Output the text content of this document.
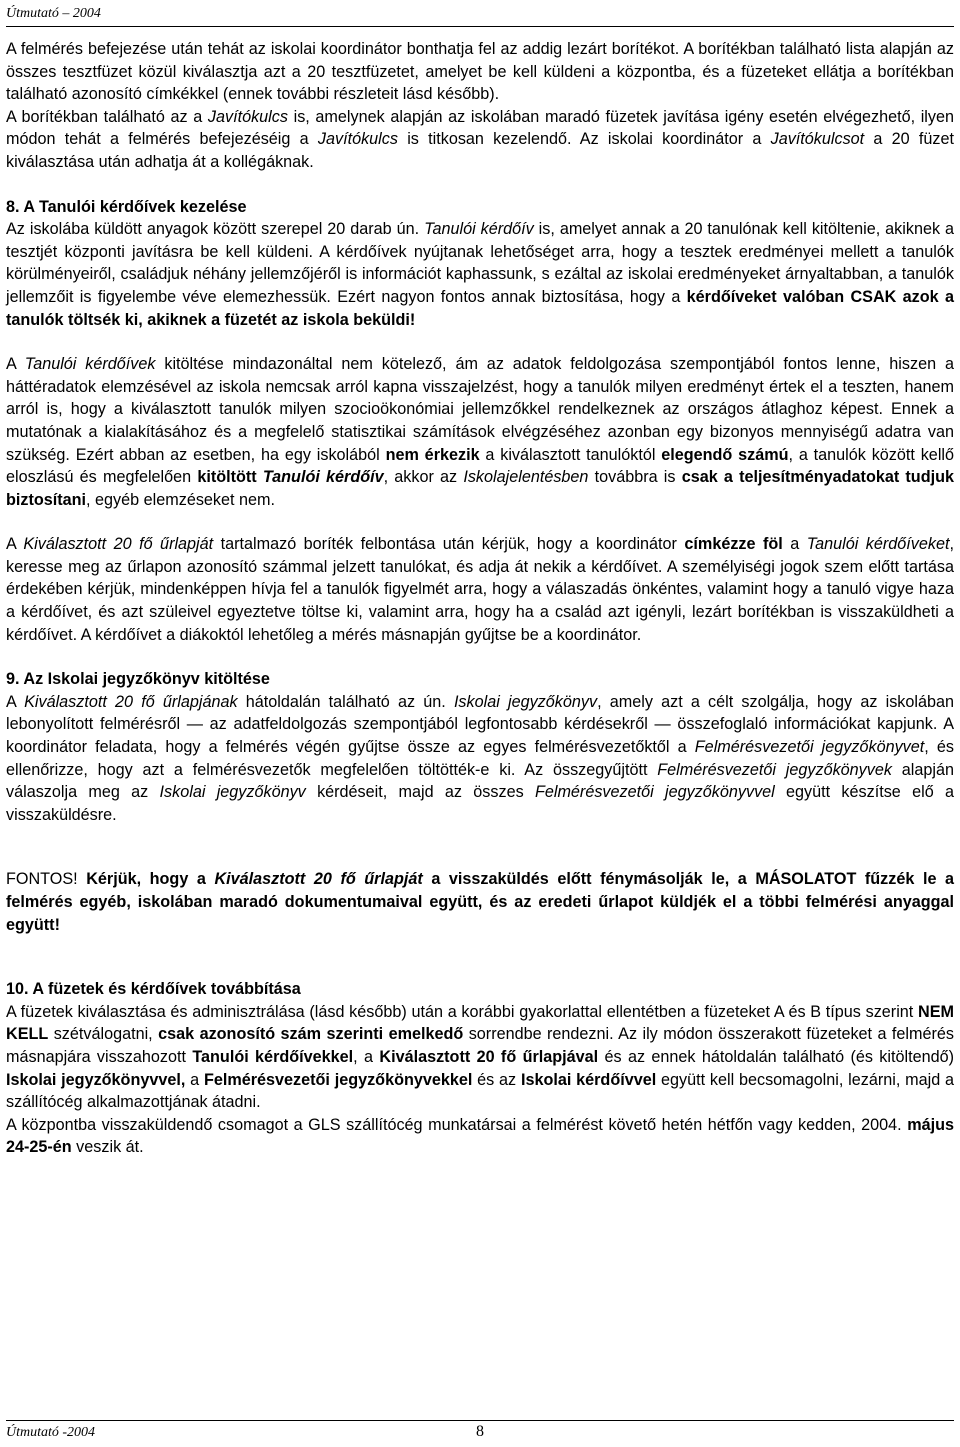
Útmutató – 2004

A felmérés befejezése után tehát az iskolai koordinátor bonthatja fel az addig lezárt borítékot. A borítékban található lista alapján az összes tesztfüzet közül kiválasztja azt a 20 tesztfüzetet, amelyet be kell küldeni a központba, és a füzeteket ellátja a borítékban található azonosító címkékkel (ennek további részleteit lásd később).

A borítékban található az a Javítókulcs is, amelynek alapján az iskolában maradó füzetek javítása igény esetén elvégezhető, ilyen módon tehát a felmérés befejezéséig a Javítókulcs is titkosan kezelendő. Az iskolai koordinátor a Javítókulcsot a 20 füzet kiválasztása után adhatja át a kollégáknak.

8. A Tanulói kérdőívek kezelése

Az iskolába küldött anyagok között szerepel 20 darab ún. Tanulói kérdőív is, amelyet annak a 20 tanulónak kell kitöltenie, akiknek a tesztjét központi javításra be kell küldeni. A kérdőívek nyújtanak lehetőséget arra, hogy a tesztek eredményei mellett a tanulók körülményeiről, családjuk néhány jellemzőjéről is információt kaphassunk, s ezáltal az iskolai eredményeket árnyaltabban, a tanulók jellemzőit is figyelembe véve elemezhessük. Ezért nagyon fontos annak biztosítása, hogy a kérdőíveket valóban CSAK azok a tanulók töltsék ki, akiknek a füzetét az iskola beküldi!

A Tanulói kérdőívek kitöltése mindazonáltal nem kötelező, ám az adatok feldolgozása szempontjából fontos lenne, hiszen a háttéradatok elemzésével az iskola nemcsak arról kapna visszajelzést, hogy a tanulók milyen eredményt értek el a teszten, hanem arról is, hogy a kiválasztott tanulók milyen szocioökonómiai jellemzőkkel rendelkeznek az országos átlaghoz képest. Ennek a mutatónak a kialakításához és a megfelelő statisztikai számítások elvégzéséhez azonban egy bizonyos mennyiségű adatra van szükség. Ezért abban az esetben, ha egy iskolából nem érkezik a kiválasztott tanulóktól elegendő számú, a tanulók között kellő eloszlású és megfelelően kitöltött Tanulói kérdőív, akkor az Iskolajelentésben továbbra is csak a teljesítményadatokat tudjuk biztosítani, egyéb elemzéseket nem.

A Kiválasztott 20 fő űrlapját tartalmazó boríték felbontása után kérjük, hogy a koordinátor címkézze föl a Tanulói kérdőíveket, keresse meg az űrlapon azonosító számmal jelzett tanulókat, és adja át nekik a kérdőívet. A személyiségi jogok szem előtt tartása érdekében kérjük, mindenképpen hívja fel a tanulók figyelmét arra, hogy a válaszadás önkéntes, valamint hogy a tanuló vigye haza a kérdőívet, és azt szüleivel egyeztetve töltse ki, valamint arra, hogy ha a család azt igényli, lezárt borítékban is visszaküldheti a kérdőívet. A kérdőívet a diákoktól lehetőleg a mérés másnapján gyűjtse be a koordinátor.

9. Az Iskolai jegyzőkönyv kitöltése

A Kiválasztott 20 fő űrlapjának hátoldalán található az ún. Iskolai jegyzőkönyv, amely azt a célt szolgálja, hogy az iskolában lebonyolított felmérésről — az adatfeldolgozás szempontjából legfontosabb kérdésekről — összefoglaló információkat kapjunk. A koordinátor feladata, hogy a felmérés végén gyűjtse össze az egyes felmérésvezetőktől a Felmérésvezetői jegyzőkönyvet, és ellenőrizze, hogy azt a felmérésvezetők megfelelően töltötték-e ki. Az összegyűjtött Felmérésvezetői jegyzőkönyvek alapján válaszolja meg az Iskolai jegyzőkönyv kérdéseit, majd az összes Felmérésvezetői jegyzőkönyvvel együtt készítse elő a visszaküldésre.

FONTOS! Kérjük, hogy a Kiválasztott 20 fő űrlapját a visszaküldés előtt fénymásolják le, a MÁSOLATOT fűzzék le a felmérés egyéb, iskolában maradó dokumentumaival együtt, és az eredeti űrlapot küldjék el a többi felmérési anyaggal együtt!

10. A füzetek és kérdőívek továbbítása

A füzetek kiválasztása és adminisztrálása (lásd később) után a korábbi gyakorlattal ellentétben a füzeteket A és B típus szerint NEM KELL szétválogatni, csak azonosító szám szerinti emelkedő sorrendbe rendezni. Az ily módon összerakott füzeteket a felmérés másnapjára visszahozott Tanulói kérdőívekkel, a Kiválasztott 20 fő űrlapjával és az ennek hátoldalán található (és kitöltendő) Iskolai jegyzőkönyvvel, a Felmérésvezetői jegyzőkönyvekkel és az Iskolai kérdőívvel együtt kell becsomagolni, lezárni, majd a szállítócég alkalmazottjának átadni.

A központba visszaküldendő csomagot a GLS szállítócég munkatársai a felmérést követő hetén hétfőn vagy kedden, 2004. május 24-25-én veszik át.

Útmutató -2004	8
